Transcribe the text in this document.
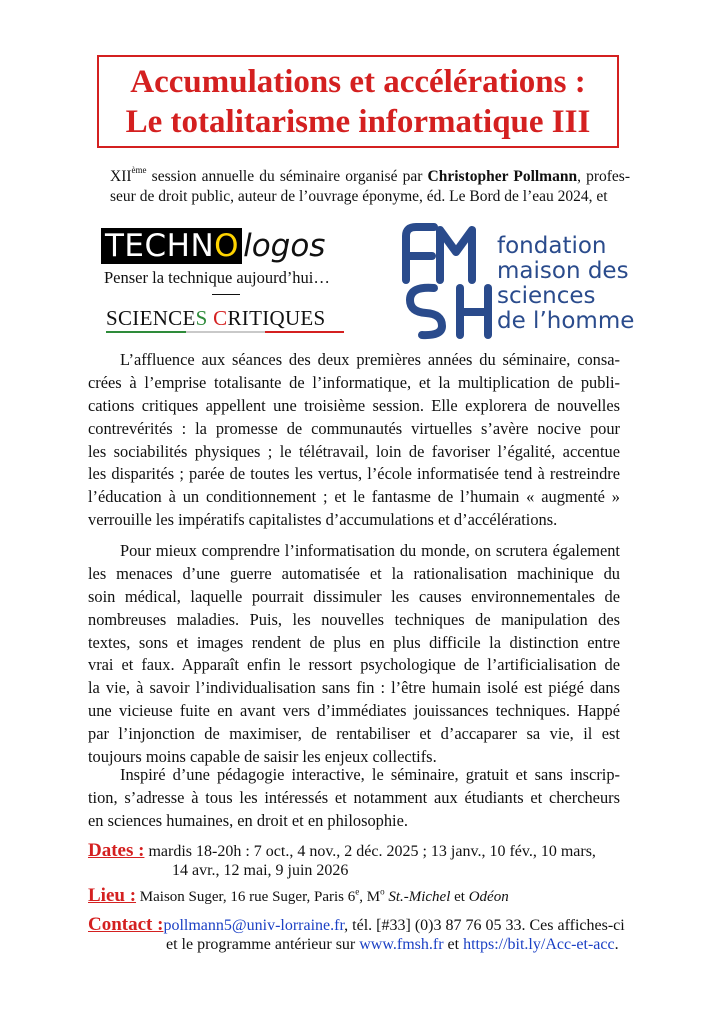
Accumulations et accélérations :
Le totalitarisme informatique III
XIIème session annuelle du séminaire organisé par Christopher Pollmann, profes-
seur de droit public, auteur de l’ouvrage éponyme, éd. Le Bord de l’eau 2024, et
TECHNO logos
Penser la technique aujourd’hui…
SCIENCES CRITIQUES
fondation
maison des
sciences
de l’homme
L’affluence aux séances des deux premières années du séminaire, consa-
crées à l’emprise totalisante de l’informatique, et la multiplication de publi-
cations critiques appellent une troisième session. Elle explorera de nouvelles
contrevérités : la promesse de communautés virtuelles s’avère nocive pour
les sociabilités physiques ; le télétravail, loin de favoriser l’égalité, accentue
les disparités ; parée de toutes les vertus, l’école informatisée tend à restreindre
l’éducation à un conditionnement ; et le fantasme de l’humain « augmenté »
verrouille les impératifs capitalistes d’accumulations et d’accélérations.
Pour mieux comprendre l’informatisation du monde, on scrutera également
les menaces d’une guerre automatisée et la rationalisation machinique du
soin médical, laquelle pourrait dissimuler les causes environnementales de
nombreuses maladies. Puis, les nouvelles techniques de manipulation des
textes, sons et images rendent de plus en plus difficile la distinction entre
vrai et faux. Apparaît enfin le ressort psychologique de l’artificialisation de
la vie, à savoir l’individualisation sans fin : l’être humain isolé est piégé dans
une vicieuse fuite en avant vers d’immédiates jouissances techniques. Happé
par l’injonction de maximiser, de rentabiliser et d’accaparer sa vie, il est
toujours moins capable de saisir les enjeux collectifs.
Inspiré d’une pédagogie interactive, le séminaire, gratuit et sans inscrip-
tion, s’adresse à tous les intéressés et notamment aux étudiants et chercheurs
en sciences humaines, en droit et en philosophie.
Dates : mardis 18-20h : 7 oct., 4 nov., 2 déc. 2025 ; 13 janv., 10 fév., 10 mars,
14 avr., 12 mai, 9 juin 2026
Lieu : Maison Suger, 16 rue Suger, Paris 6e, $M^o$ St.-Michel et Odéon
Contact :pollmann5@univ-lorraine.fr, tél. [#33] (0)3 87 76 05 33. Ces affiches-ci
et le programme antérieur sur www.fmsh.fr et https://bit.ly/Acc-et-acc.
